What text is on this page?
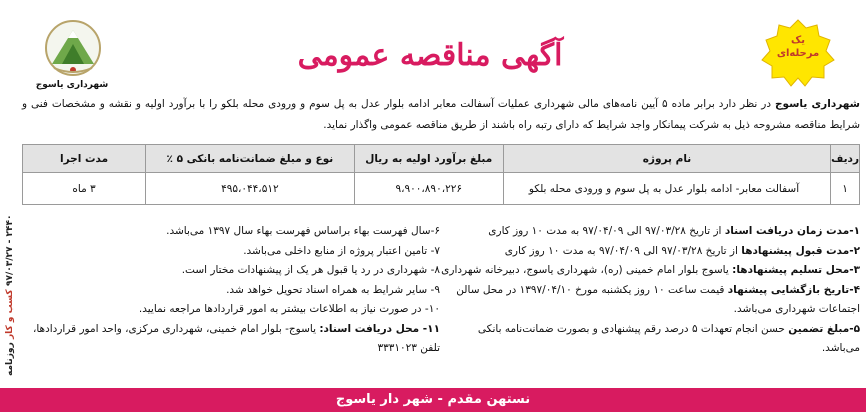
روزنامه

کسب و کار

۹۷/۰۳/۲۷ - ۲۴۴۰
شهرداری یاسوج
آگهی مناقصه عمومی	یک
مرحله‌ای
شهرداری یاسوج در نظر دارد برابر ماده ۵ آیین نامه‌های مالی شهرداری عملیات آسفالت معابر ادامه بلوار عدل به پل سوم و ورودی محله بلکو را با برآورد اولیه و نقشه و مشخصات فنی و شرایط مناقصه مشروحه ذیل به شرکت پیمانکار واجد شرایط که دارای رتبه راه باشند از طریق مناقصه عمومی واگذار نماید.
ردیف	نام پروژه	مبلغ برآورد اولیه به ریال	نوع و مبلغ ضمانت‌نامه بانکی ۵ ٪	مدت اجرا
۱	آسفالت معابر- ادامه بلوار عدل به پل سوم و ورودی محله بلکو	۹،۹۰۰،۸۹۰،۲۲۶	۴۹۵،۰۴۴،۵۱۲	۳ ماه
۱-مدت زمان دریافت اسناد از تاریخ ۹۷/۰۳/۲۸ الی ۹۷/۰۴/۰۹ به مدت ۱۰ روز کاری
۲-مدت قبول پیشنهادها از تاریخ ۹۷/۰۳/۲۸ الی ۹۷/۰۴/۰۹ به مدت ۱۰ روز کاری
۳-محل تسلیم پیشنهادها: یاسوج بلوار امام خمینی (ره)، شهرداری یاسوج، دبیرخانه شهرداری
۴-تاریخ بازگشایی پیشنهاد قیمت ساعت ۱۰ روز یکشنبه مورخ ۱۳۹۷/۰۴/۱۰ در محل سالن اجتماعات شهرداری می‌باشد.
۵-مبلغ تضمین حسن انجام تعهدات ۵ درصد رقم پیشنهادی و بصورت ضمانت‌نامه بانکی می‌باشد.
۶-سال فهرست بهاء براساس فهرست بهاء سال ۱۳۹۷ می‌باشد.
۷- تامین اعتبار پروژه از منابع داخلی می‌باشد.
۸- شهرداری در رد یا قبول هر یک از پیشنهادات مختار است.
۹- سایر شرایط به همراه اسناد تحویل خواهد شد.
۱۰- در صورت نیاز به اطلاعات بیشتر به امور قراردادها مراجعه نمایید.
۱۱- محل دریافت اسناد: یاسوج- بلوار امام خمینی، شهرداری مرکزی، واحد امور قراردادها، تلفن ۳۳۳۱۰۲۳
نستهن مقدم - شهر دار یاسوج
